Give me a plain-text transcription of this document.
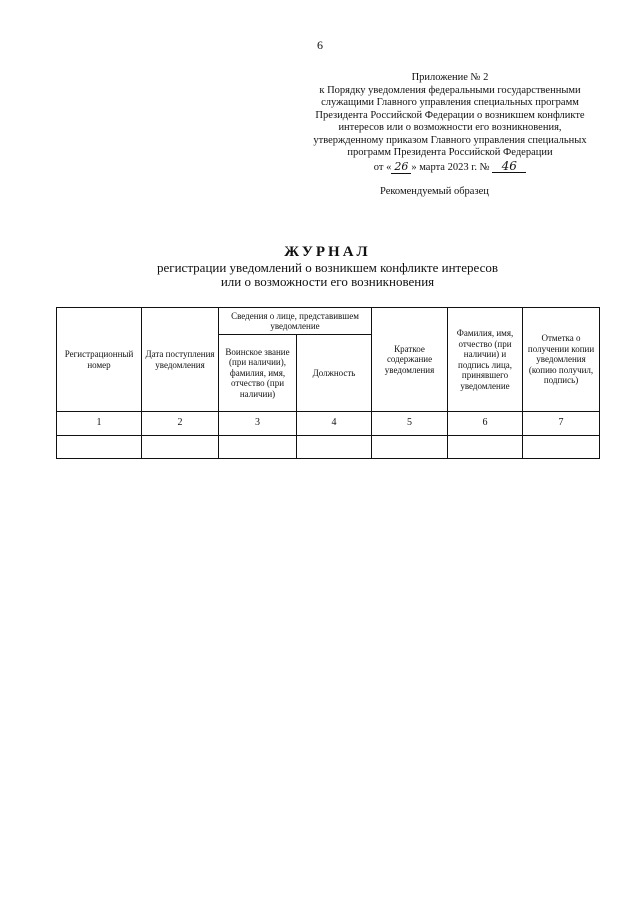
6
Приложение № 2
к Порядку уведомления федеральными государственными
служащими Главного управления специальных программ
Президента Российской Федерации о возникшем конфликте
интересов или о возможности его возникновения,
утвержденному приказом Главного управления специальных
программ Президента Российской Федерации
от « 26 » марта 2023 г. № 46
Рекомендуемый образец
ЖУРНАЛ
регистрации уведомлений о возникшем конфликте интересов
или о возможности его возникновения
Регистрационный номер	Дата поступления уведомления	Сведения о лице, представившем уведомление		Краткое содержание уведомления	Фамилия, имя, отчество (при наличии) и подпись лица, принявшего уведомление	Отметка о получении копии уведомления (копию получил, подпись)
		Воинское звание (при наличии), фамилия, имя, отчество (при наличии)	Должность			
1	2	3	4	5	6	7
